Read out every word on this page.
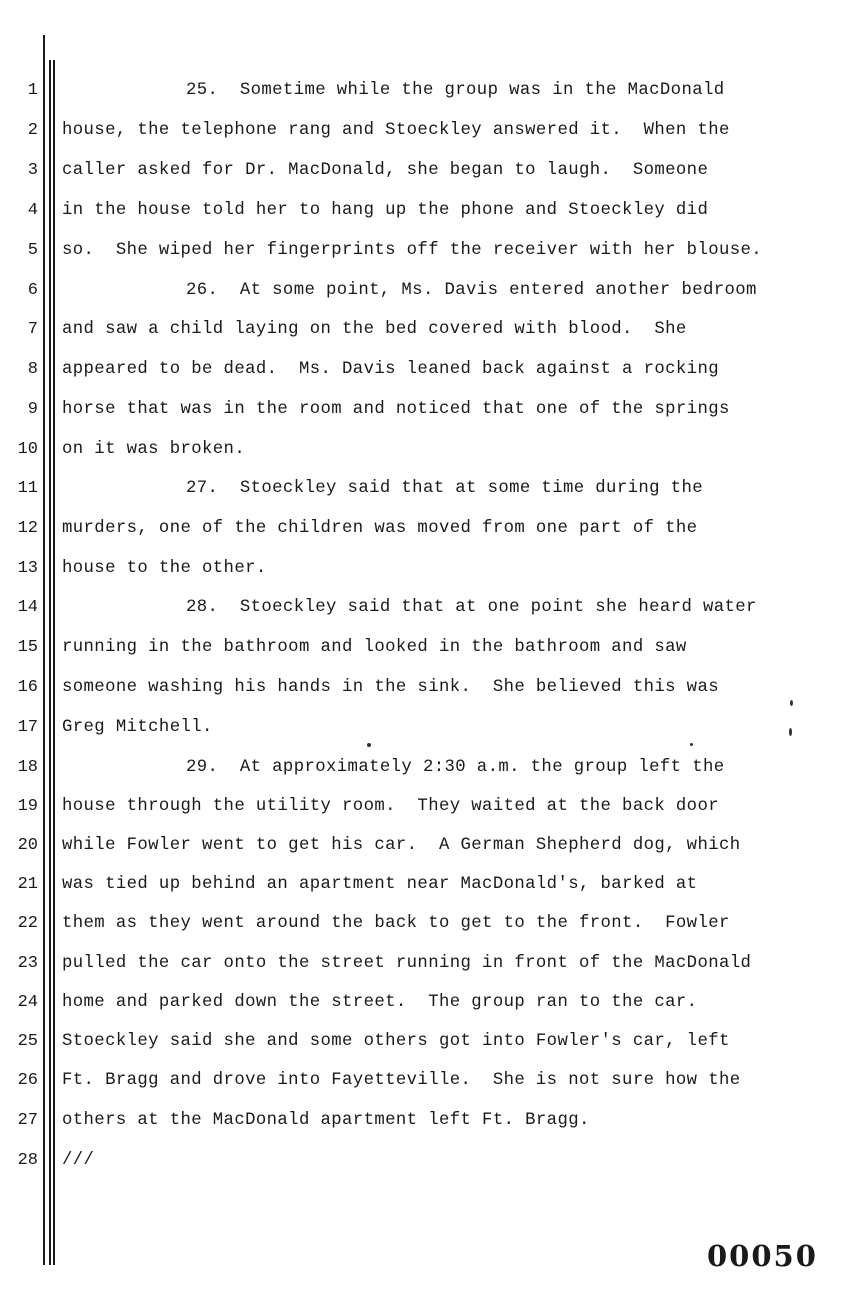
1
2
3
4
5
6
7
8
9
10
11
12
13
14
15
16
17
18
19
20
21
22
23
24
25
26
27
28
25.  Sometime while the group was in the MacDonald
house, the telephone rang and Stoeckley answered it.  When the
caller asked for Dr. MacDonald, she began to laugh.  Someone
in the house told her to hang up the phone and Stoeckley did
so.  She wiped her fingerprints off the receiver with her blouse.
26.  At some point, Ms. Davis entered another bedroom
and saw a child laying on the bed covered with blood.  She
appeared to be dead.  Ms. Davis leaned back against a rocking
horse that was in the room and noticed that one of the springs
on it was broken.
27.  Stoeckley said that at some time during the
murders, one of the children was moved from one part of the
house to the other.
28.  Stoeckley said that at one point she heard water
running in the bathroom and looked in the bathroom and saw
someone washing his hands in the sink.  She believed this was
Greg Mitchell.
29.  At approximately 2:30 a.m. the group left the
house through the utility room.  They waited at the back door
while Fowler went to get his car.  A German Shepherd dog, which
was tied up behind an apartment near MacDonald's, barked at
them as they went around the back to get to the front.  Fowler
pulled the car onto the street running in front of the MacDonald
home and parked down the street.  The group ran to the car.
Stoeckley said she and some others got into Fowler's car, left
Ft. Bragg and drove into Fayetteville.  She is not sure how the
others at the MacDonald apartment left Ft. Bragg.
///
00050
